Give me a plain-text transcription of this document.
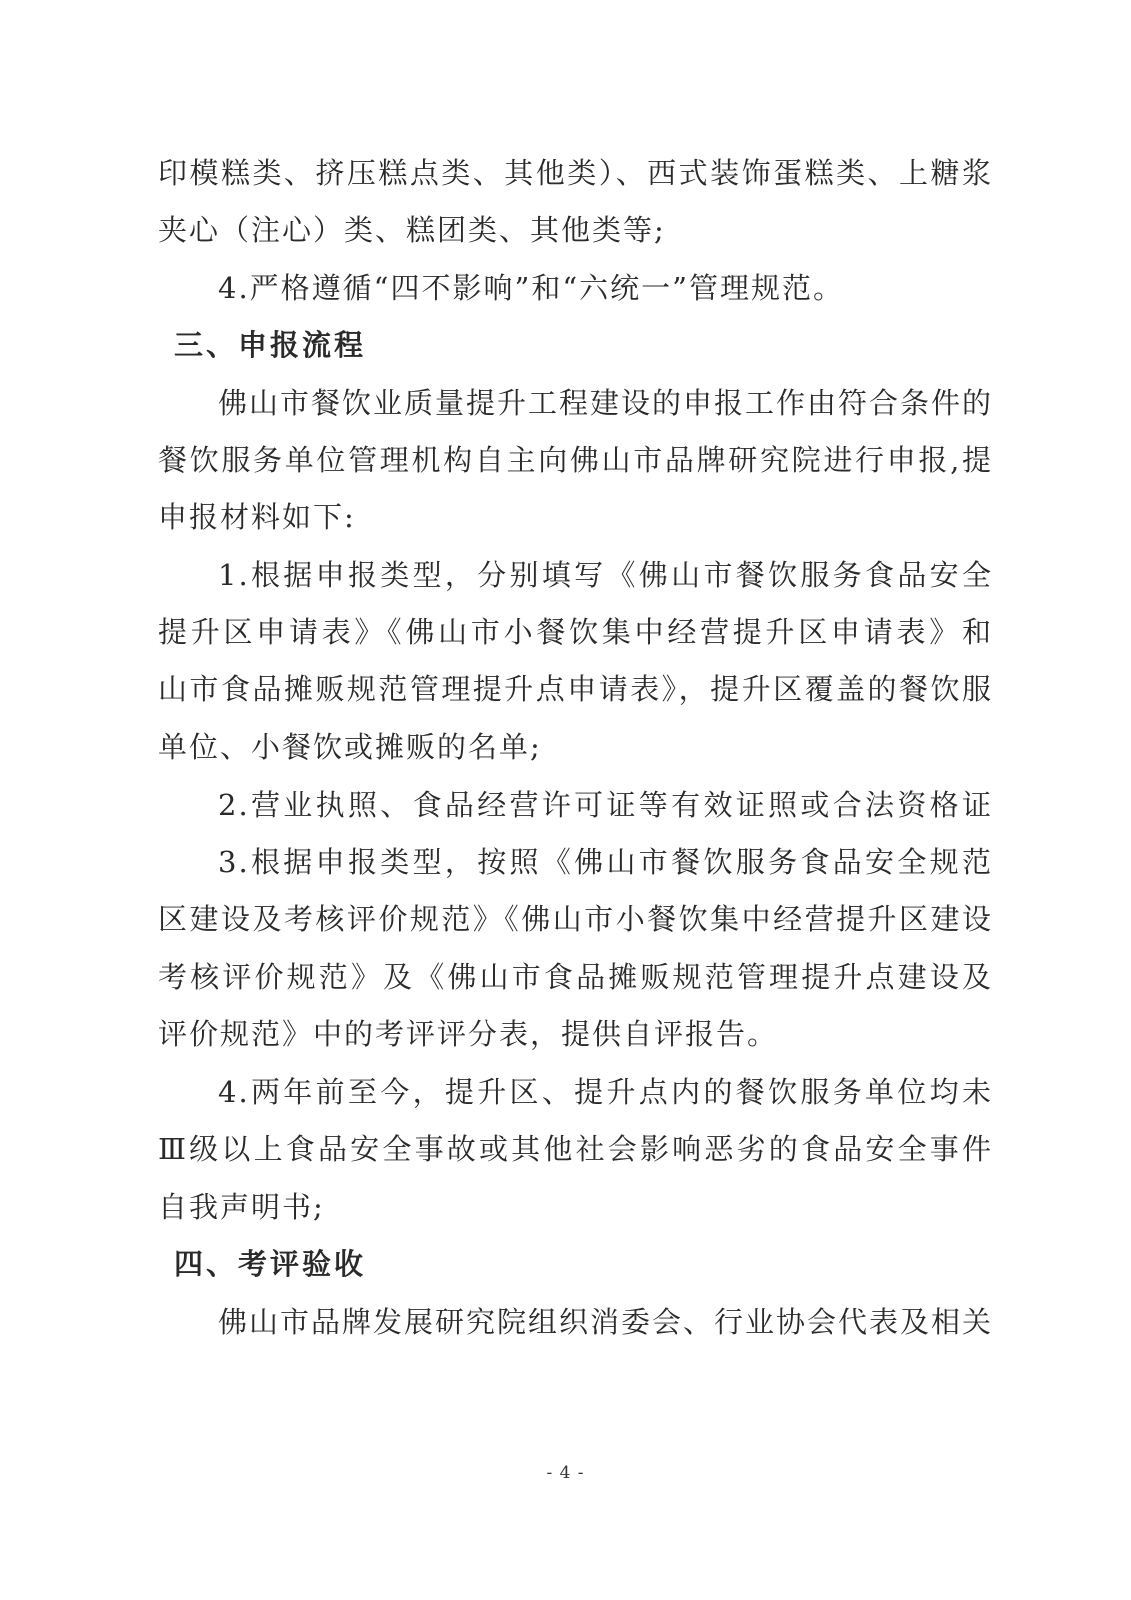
印模糕类、挤压糕点类、其他类）、西式装饰蛋糕类、上糖浆
夹心（注心）类、糕团类、其他类等;
4.严格遵循“四不影响”和“六统一”管理规范。
三、申报流程
佛山市餐饮业质量提升工程建设的申报工作由符合条件的
餐饮服务单位管理机构自主向佛山市品牌研究院进行申报,提
申报材料如下:
1.根据申报类型，分别填写《佛山市餐饮服务食品安全
提升区申请表》《佛山市小餐饮集中经营提升区申请表》和
山市食品摊贩规范管理提升点申请表》，提升区覆盖的餐饮服
单位、小餐饮或摊贩的名单;
2.营业执照、食品经营许可证等有效证照或合法资格证
3.根据申报类型，按照《佛山市餐饮服务食品安全规范
区建设及考核评价规范》《佛山市小餐饮集中经营提升区建设
考核评价规范》及《佛山市食品摊贩规范管理提升点建设及
评价规范》中的考评评分表，提供自评报告。
4.两年前至今，提升区、提升点内的餐饮服务单位均未
Ⅲ级以上食品安全事故或其他社会影响恶劣的食品安全事件
自我声明书;
四、考评验收
佛山市品牌发展研究院组织消委会、行业协会代表及相关
- 4 -
